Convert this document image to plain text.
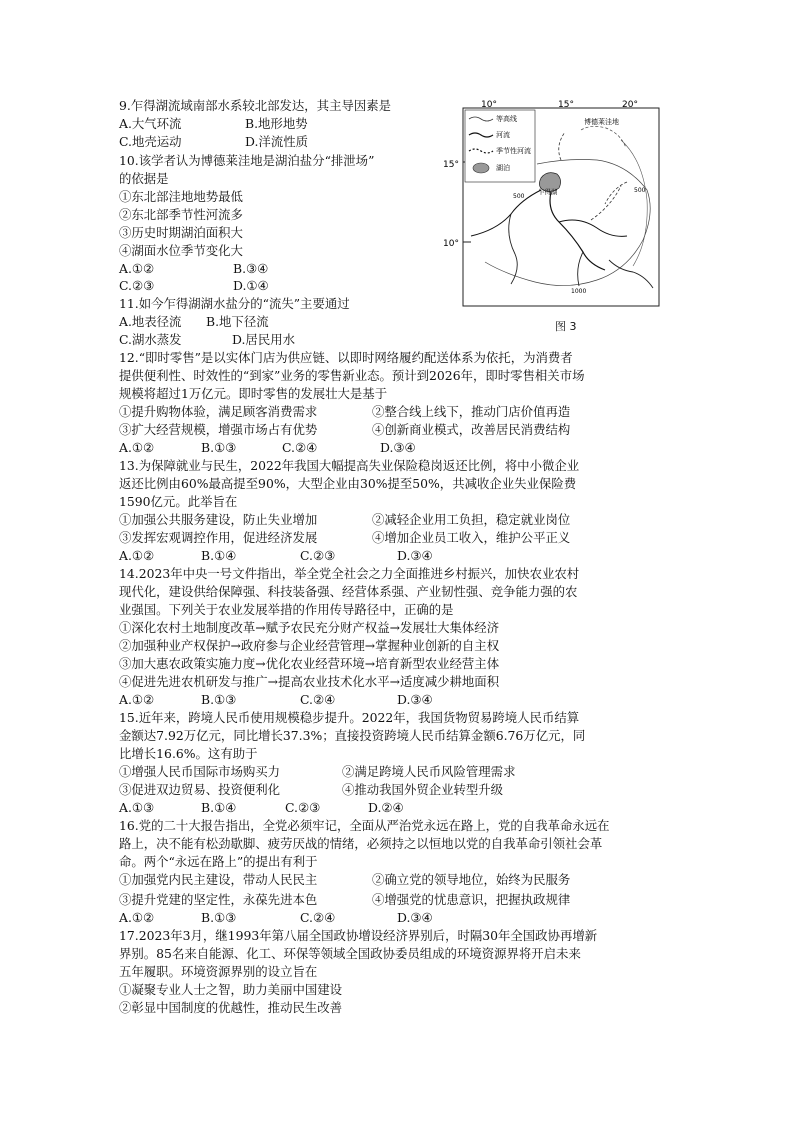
9.乍得湖流域南部水系较北部发达，其主导因素是
A.大气环流	B.地形地势
C.地壳运动	D.洋流性质
10.该学者认为博德莱洼地是湖泊盐分“排泄场”
的依据是
①东北部洼地地势最低
②东北部季节性河流多
③历史时期湖泊面积大
④湖面水位季节变化大
A.①②	B.③④
C.②③	D.①④
11.如今乍得湖湖水盐分的“流失”主要通过
A.地表径流 B.地下径流
C.湖水蒸发	D.居民用水
10°	15°	20°
15°
10°
等高线
河流
季节性河流
湖泊
博德莱洼地
500
500
1000
乍得湖
图 3
12.“即时零售”是以实体门店为供应链、以即时网络履约配送体系为依托，为消费者
提供便利性、时效性的“到家”业务的零售新业态。预计到2026年，即时零售相关市场
规模将超过1万亿元。即时零售的发展壮大是基于
①提升购物体验，满足顾客消费需求	②整合线上线下，推动门店价值再造
③扩大经营规模，增强市场占有优势	④创新商业模式，改善居民消费结构
A.①②	B.①③	C.②④	D.③④
13.为保障就业与民生，2022年我国大幅提高失业保险稳岗返还比例，将中小微企业
返还比例由60%最高提至90%，大型企业由30%提至50%，共减收企业失业保险费
1590亿元。此举旨在
①加强公共服务建设，防止失业增加	②减轻企业用工负担，稳定就业岗位
③发挥宏观调控作用，促进经济发展	④增加企业员工收入，维护公平正义
A.①②	B.①④	C.②③	D.③④
14.2023年中央一号文件指出，举全党全社会之力全面推进乡村振兴，加快农业农村
现代化，建设供给保障强、科技装备强、经营体系强、产业韧性强、竞争能力强的农
业强国。下列关于农业发展举措的作用传导路径中，正确的是
①深化农村土地制度改革→赋予农民充分财产权益→发展壮大集体经济
②加强种业产权保护→政府参与企业经营管理→掌握种业创新的自主权
③加大惠农政策实施力度→优化农业经营环境→培育新型农业经营主体
④促进先进农机研发与推广→提高农业技术化水平→适度减少耕地面积
A.①②	B.①③	C.②④	D.③④
15.近年来，跨境人民币使用规模稳步提升。2022年，我国货物贸易跨境人民币结算
金额达7.92万亿元，同比增长37.3%；直接投资跨境人民币结算金额6.76万亿元，同
比增长16.6%。这有助于
①增强人民币国际市场购买力	②满足跨境人民币风险管理需求
③促进双边贸易、投资便利化	④推动我国外贸企业转型升级
A.①③	B.①④	C.②③	D.②④
16.党的二十大报告指出，全党必须牢记，全面从严治党永远在路上，党的自我革命永远在
路上，决不能有松劲歇脚、疲劳厌战的情绪，必须持之以恒地以党的自我革命引领社会革
命。两个“永远在路上”的提出有利于
①加强党内民主建设，带动人民民主	②确立党的领导地位，始终为民服务
③提升党建的坚定性，永葆先进本色	④增强党的忧患意识，把握执政规律
A.①②	B.①③	C.②④	D.③④
17.2023年3月，继1993年第八届全国政协增设经济界别后，时隔30年全国政协再增新
界别。85名来自能源、化工、环保等领域全国政协委员组成的环境资源界将开启未来
五年履职。环境资源界别的设立旨在
①凝聚专业人士之智，助力美丽中国建设
②彰显中国制度的优越性，推动民生改善
